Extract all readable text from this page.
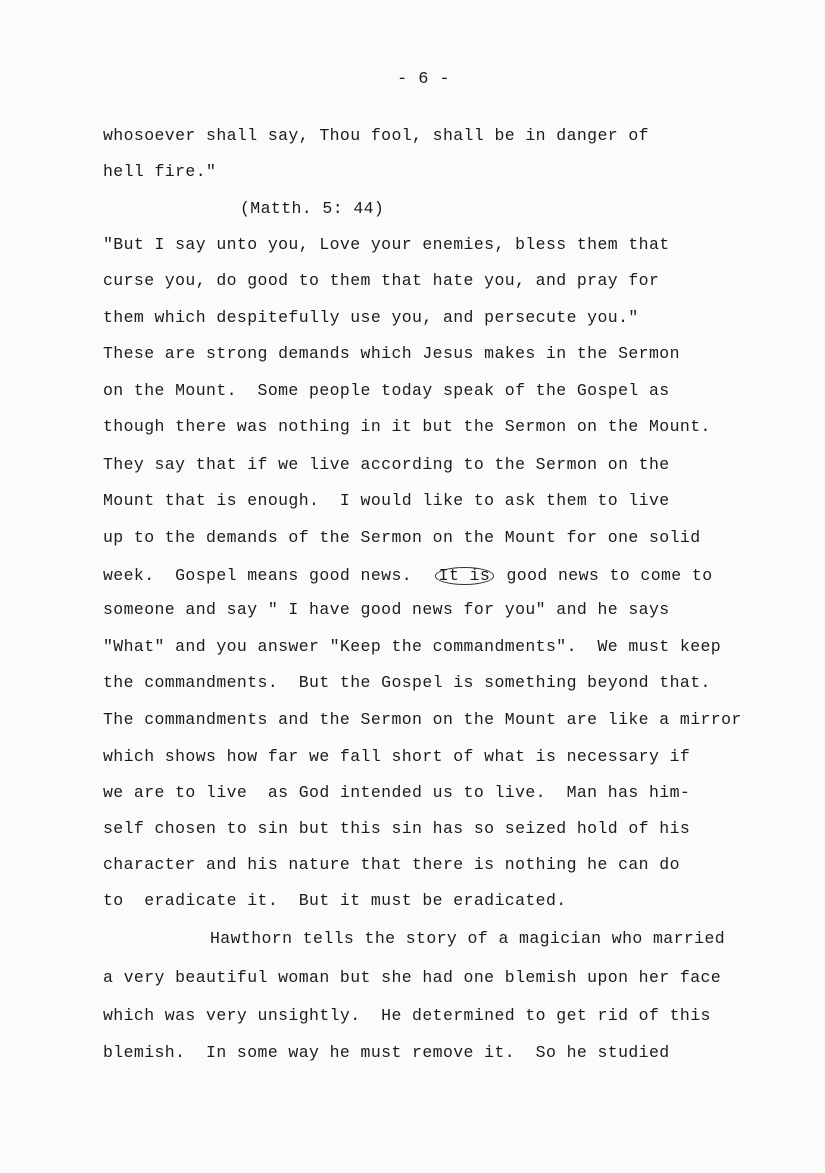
- 6 -
whosoever shall say, Thou fool, shall be in danger of
hell fire."
(Matth. 5: 44)
"But I say unto you, Love your enemies, bless them that
curse you, do good to them that hate you, and pray for
them which despitefully use you, and persecute you."
These are strong demands which Jesus makes in the Sermon
on the Mount.  Some people today speak of the Gospel as
though there was nothing in it but the Sermon on the Mount.
They say that if we live according to the Sermon on the
Mount that is enough.  I would like to ask them to live
up to the demands of the Sermon on the Mount for one solid
week.  Gospel means good news.  It is good news to come to
someone and say " I have good news for you" and he says
"What" and you answer "Keep the commandments".  We must keep
the commandments.  But the Gospel is something beyond that.
The commandments and the Sermon on the Mount are like a mirror
which shows how far we fall short of what is necessary if
we are to live  as God intended us to live.  Man has him-
self chosen to sin but this sin has so seized hold of his
character and his nature that there is nothing he can do
to  eradicate it.  But it must be eradicated.
Hawthorn tells the story of a magician who married
a very beautiful woman but she had one blemish upon her face
which was very unsightly.  He determined to get rid of this
blemish.  In some way he must remove it.  So he studied
